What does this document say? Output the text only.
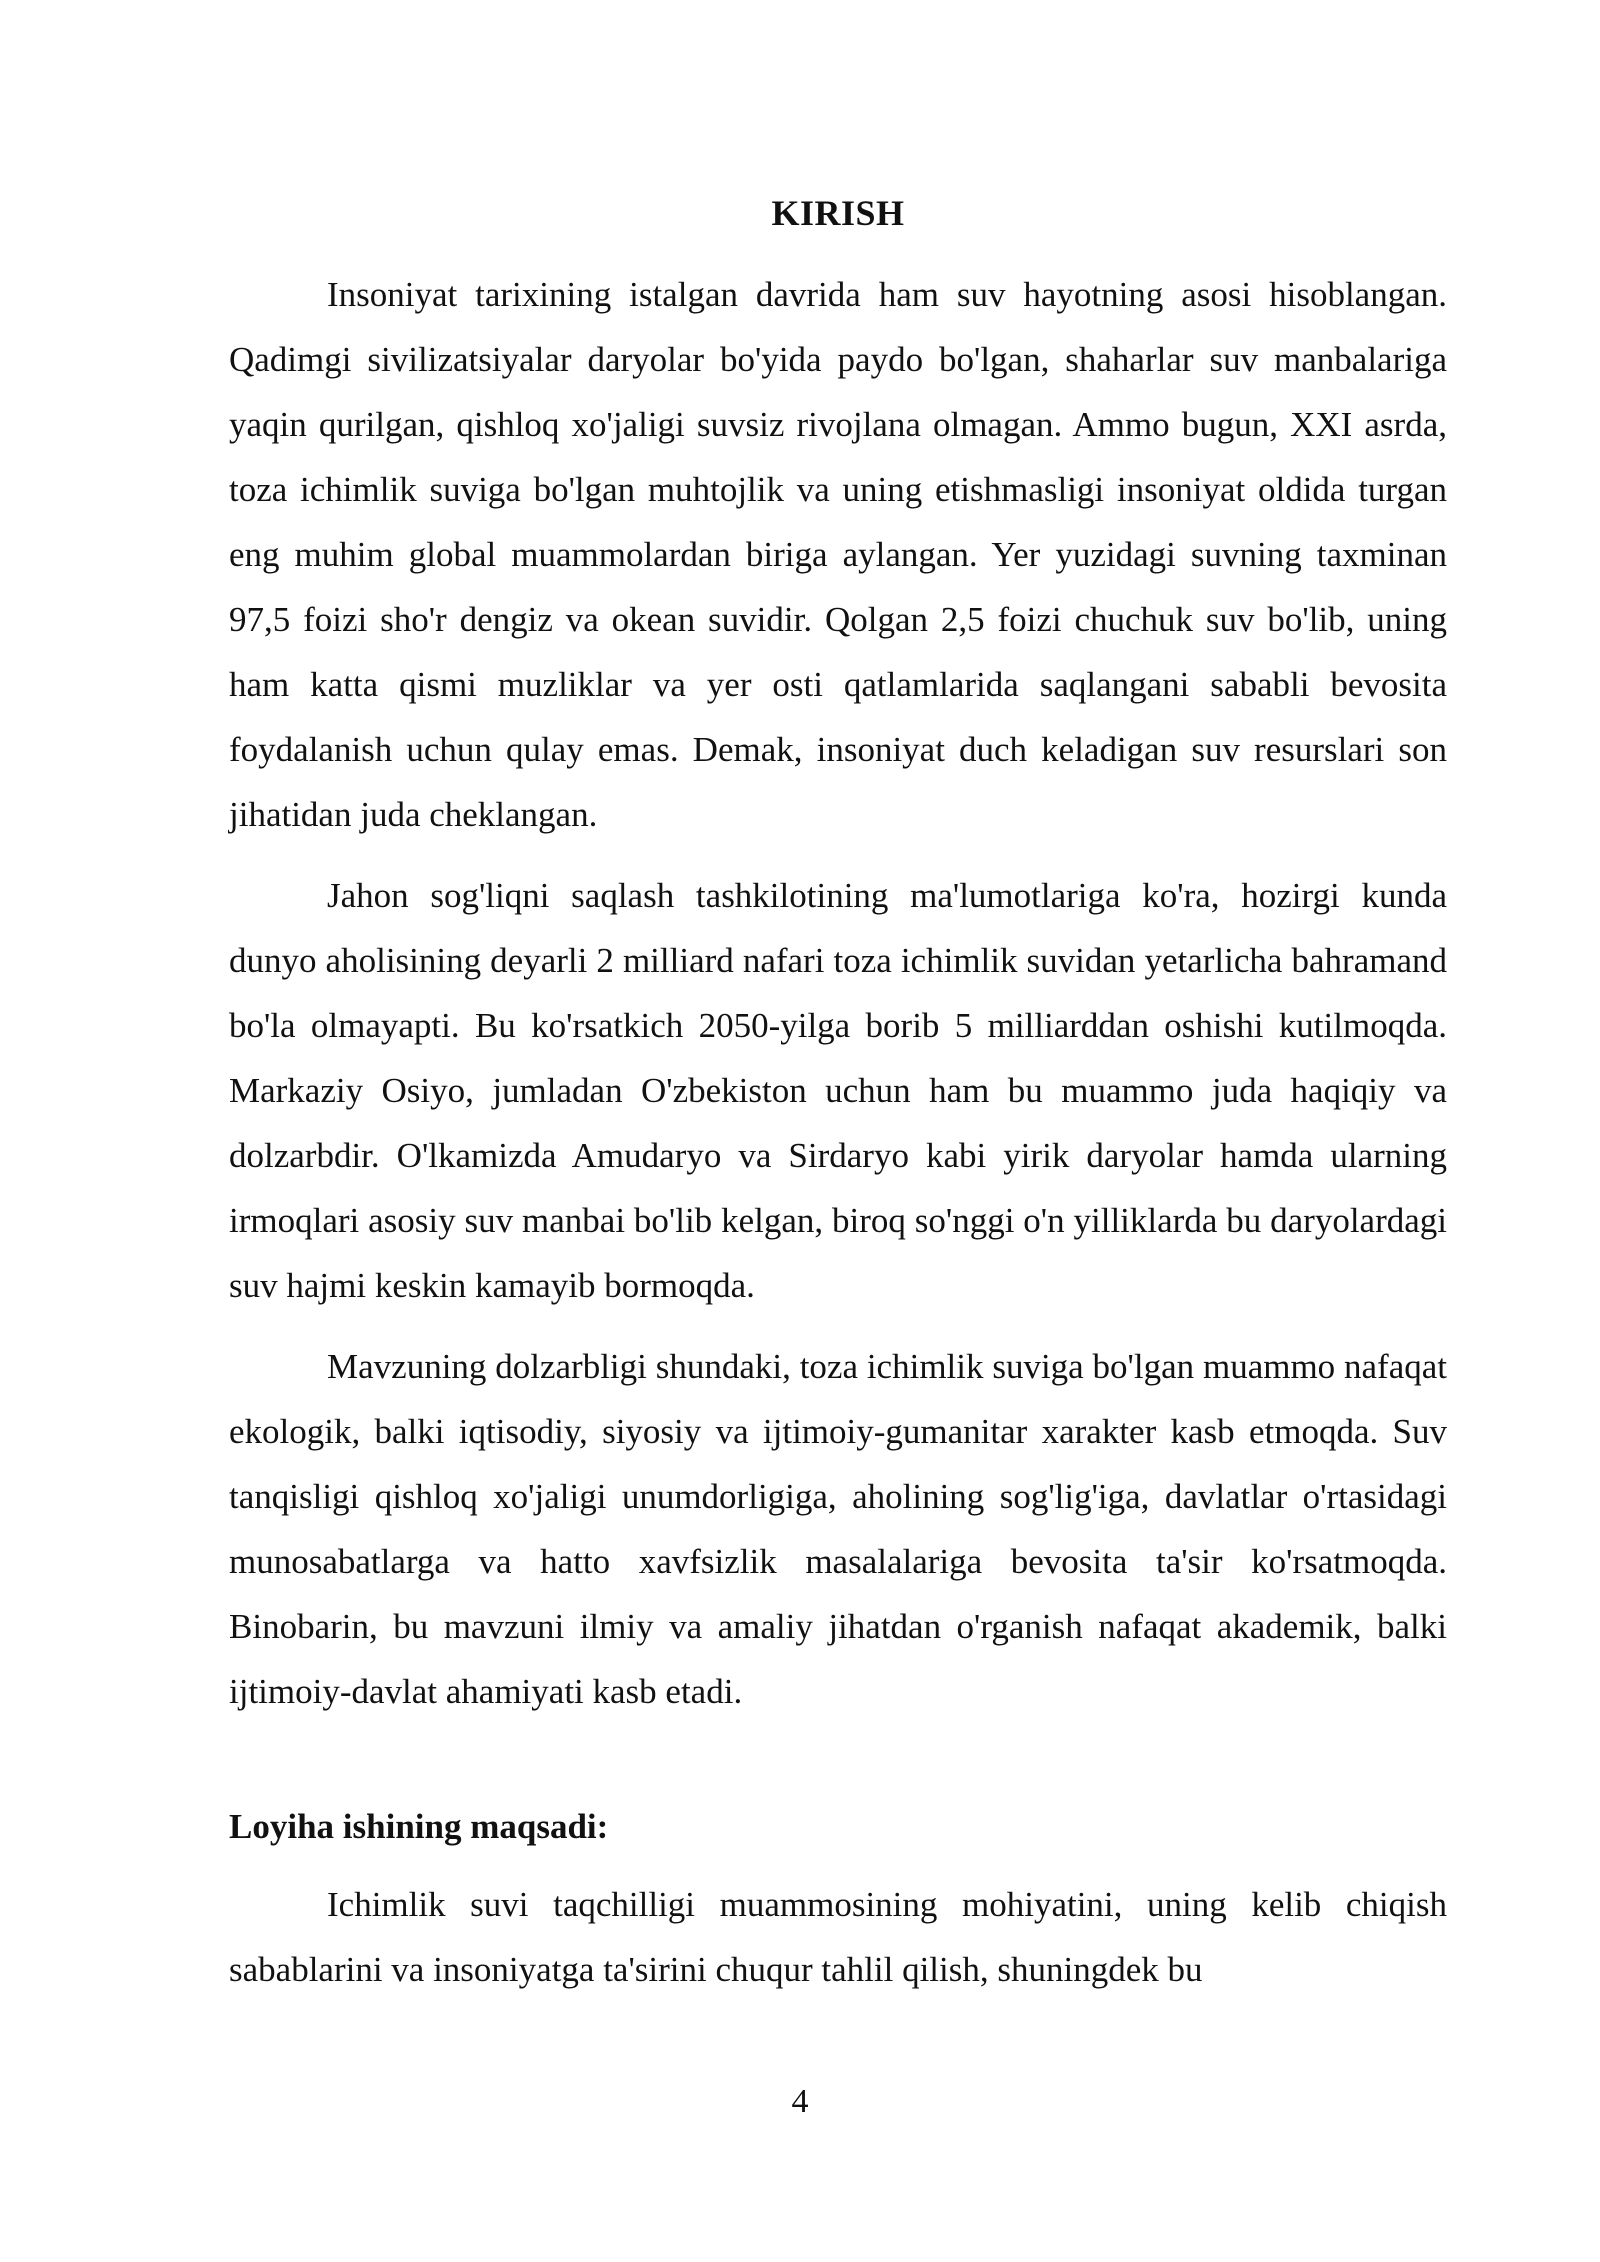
KIRISH

Insoniyat tarixining istalgan davrida ham suv hayotning asosi hisoblangan. Qadimgi sivilizatsiyalar daryolar bo'yida paydo bo'lgan, shaharlar suv manbalariga yaqin qurilgan, qishloq xo'jaligi suvsiz rivojlana olmagan. Ammo bugun, XXI asrda, toza ichimlik suviga bo'lgan muhtojlik va uning etishmasligi insoniyat oldida turgan eng muhim global muammolardan biriga aylangan. Yer yuzidagi suvning taxminan 97,5 foizi sho'r dengiz va okean suvidir. Qolgan 2,5 foizi chuchuk suv bo'lib, uning ham katta qismi muzliklar va yer osti qatlamlarida saqlangani sababli bevosita foydalanish uchun qulay emas. Demak, insoniyat duch keladigan suv resurslari son jihatidan juda cheklangan.

Jahon sog'liqni saqlash tashkilotining ma'lumotlariga ko'ra, hozirgi kunda dunyo aholisining deyarli 2 milliard nafari toza ichimlik suvidan yetarlicha bahramand bo'la olmayapti. Bu ko'rsatkich 2050-yilga borib 5 milliarddan oshishi kutilmoqda. Markaziy Osiyo, jumladan O'zbekiston uchun ham bu muammo juda haqiqiy va dolzarbdir. O'lkamizda Amudaryo va Sirdaryo kabi yirik daryolar hamda ularning irmoqlari asosiy suv manbai bo'lib kelgan, biroq so'nggi o'n yilliklarda bu daryolardagi suv hajmi keskin kamayib bormoqda.

Mavzuning dolzarbligi shundaki, toza ichimlik suviga bo'lgan muammo nafaqat ekologik, balki iqtisodiy, siyosiy va ijtimoiy-gumanitar xarakter kasb etmoqda. Suv tanqisligi qishloq xo'jaligi unumdorligiga, aholining sog'lig'iga, davlatlar o'rtasidagi munosabatlarga va hatto xavfsizlik masalalariga bevosita ta'sir ko'rsatmoqda. Binobarin, bu mavzuni ilmiy va amaliy jihatdan o'rganish nafaqat akademik, balki ijtimoiy-davlat ahamiyati kasb etadi.

Loyiha ishining maqsadi:

Ichimlik suvi taqchilligi muammosining mohiyatini, uning kelib chiqish sabablarini va insoniyatga ta'sirini chuqur tahlil qilish, shuningdek bu

4
